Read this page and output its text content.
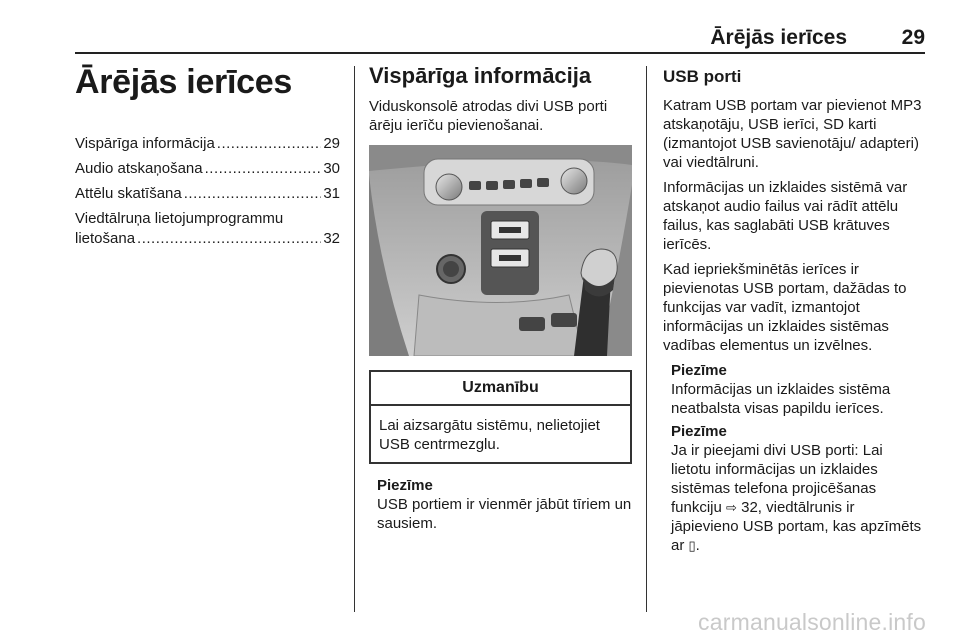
Ārējās ierīces	29
Ārējās ierīces
Vispārīga informācija .....	29
Audio atskaņošana .....	30
Attēlu skatīšana .....	31
Viedtālruņa lietojumprogrammu
lietošana .....	32
Vispārīga informācija

Viduskonsolē atrodas divi USB porti ārēju ierīču pievienošanai.

Uzmanību
Lai aizsargātu sistēmu, nelietojiet USB centrmezglu.
Piezīme
USB portiem ir vienmēr jābūt tīriem un sausiem.
USB porti

Katram USB portam var pievienot MP3 atskaņotāju, USB ierīci, SD karti (izmantojot USB savienotāju/ adapteri) vai viedtālruni.

Informācijas un izklaides sistēmā var atskaņot audio failus vai rādīt attēlu failus, kas saglabāti USB krātuves ierīcēs.

Kad iepriekšminētās ierīces ir pievienotas USB portam, dažādas to funkcijas var vadīt, izmantojot informācijas un izklaides sistēmas vadības elementus un izvēlnes.

Piezīme
Informācijas un izklaides sistēma neatbalsta visas papildu ierīces.
Piezīme
Ja ir pieejami divi USB porti: Lai lietotu informācijas un izklaides sistēmas telefona projicēšanas funkciju ⇨ 32, viedtālrunis ir jāpievieno USB portam, kas apzīmēts ar ▯.
carmanualsonline.info
